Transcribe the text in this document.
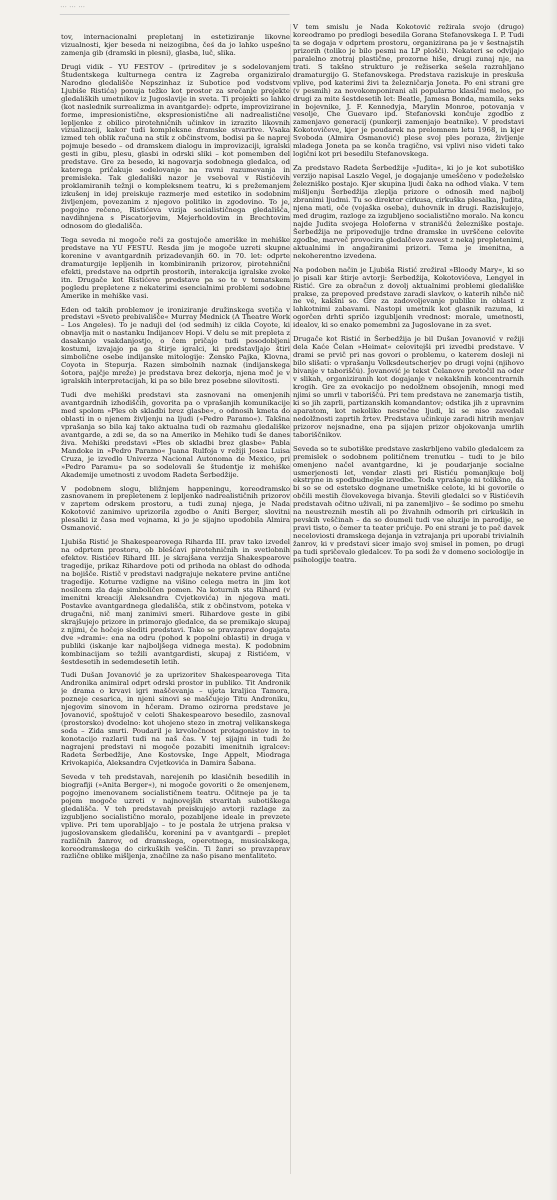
... ... ...

tov, internacionalni prepletanj in estetiziranje likovne vizualnosti, kjer beseda ni neizogibna, čeś da jo lahko uspešno zamenja gib (dramski in plesni), glasba, luč, slika.

Drugi vidik – YU FESTOV – (prireditev je s sodelovanjem Študentskega kulturnega centra iz Zagreba organiziralo Narodno gledališče Nepszinhaz iz Subotice pod vodstvom Ljubiše Ristića) ponuja težko kot prostor za srečanje projekte gledaliških umetnikov iz Jugoslavije in sveta. Ti projekti so lahko (kot naslednik surrealizma in avantgarde): odprte, improvizirane forme, impresionistične, ekspresionistične ali nadrealistične lepljenke z obilico pirotehničnih učinkov in izrazito likovnih vizualizacij, kakor tudi kompleksne dramske stvaritve. Vsaka izmed teh oblik računa na stik z občinstvom, bodisi pa še naprej pojmuje besedo – od dramskem dialogu in improvizaciji, igralski gesti in gibu, plesu, glasbi in odrski sliki – kot pomemben del predstave. Gre za besedo, ki nagovarja sodobnega gledalca, od katerega pričakuje sodelovanje na ravni razumevanja in premisleka. Tak gledališki nazor je vseboval v Ristićevih proklamiranih težnji o kompleksnem teatru, ki s prežemanjem izkušenj in idej preiskuje razmerje med estetiko in sodobnim življenjem, povezanim z njegovo politiko in zgodovino. To je, pogojno rečeno, Ristićeva vizija socialističnega gledališča, navdihnjena s Piscatorjevim, Mejerholdovim in Brechtovim odnosom do gledališča.

Tega seveda ni mogoče reči za gostujoče ameriške in mehiške predstave na YU FESTU. Resda jim je mogoče uzreti skupne korenine v avantgardnih prizadevanjih 60. in 70. let: odprte dramaturgije lepljenih in kombiniranih prizorov, pirotehnični efekti, predstave na odprtih prostorih, interakcija igralske zvoke itn. Drugače kot Ristićeve predstave pa so te v tematskem pogledu prepletene z nekaterimi esencialnimi problemi sodobne Amerike in mehiške vasi.

Eden od takih problemov je ironiziranje družinskega svetiča v predstavi »Sveto prebivališče« Murray Mednick (A Theatre Work – Los Angeles). To je naduji del (od sedmih) iz cikla Coyote, ki obnavlja mit o nastanku Indijancev Hopi. V delu se mit prepleta z dasakanjo vsakdanjostjo, o čem pričajo tudi posodobljeni kostumi, izvajajo pa ga štirje igralci, ki predstavljajo štiri simbolične osebe indijanske mitologije: Žensko Pajka, Klovna, Coyota in Stepurja. Razen simbolnih naznak (indijanskega šotora, pajčje mreže) je predstava brez dekorja, njena moč je v igralskih interpretacijah, ki pa so bile brez posebne silovitosti.

Tudi dve mehiški predstavi sta zasnovani na omenjenih avantgardnih izhodiščih, govorita pa o vprašanjih komunikacije med spolom »Ples ob skladbi brez glasbe«, o odnosih kmeta do oblasti in o njenem življenju na ljudi (»Pedro Paramo«). Takšna vprašanja so bila kaj tako aktualna tudi ob razmahu gledališke avantgarde, a zdi se, da so na Ameriko in Mehiko tudi še danes živa. Mehiški predstavi »Ples ob skladbi brez glasbe« Pabla Mandoke in »Pedro Paramo« Juana Rulfoja v režiji Josea Luisa Cruza, je izvedlo Univerza Nacional Autonoma de Mexico, pri »Pedro Paramu« pa so sodelovali še študentje iz mehiške Akademije umetnosti z uvodom Radeta Šerbedžije.

V podobnem slogu, bližnjem happeningu, koreodramsko zasnovanem in prepletenem z lepljenko nadrealističnih prizorov v zaprtem odrskem prostoru, a tudi zunaj njega, je Nada Kokotović zanimivo uprizorila zgodbo o Aniti Berger, slovitni plesalki iz časa med vojnama, ki jo je sijajno upodobila Almira Osmanović.

Ljubiša Ristić je Shakespearovega Riharda III. prav tako izvedel na odprtem prostoru, ob blešćavi pirotehničnih in svetlobnih efektov. Ristićev Rihard III. je skrajšana verzija Shakespearove tragedije, prikaz Rihardove poti od prihoda na oblast do odhoda na bojišče. Ristič v predstavi nadgrajuje nekatere prvine antične tragedije. Koturne vzdigne na višino celega metra in jim kot nosilcem zla daje simboličen pomen. Na koturnih sta Rihard (v imenitni kreaciji Aleksandra Cvjetkovića) in njegova mati. Postavke avantgardnega gledališča, stik z občinstvom, poteka v drugačni, nič manj zanimivi smeri. Rihardove geste in gibi skrajšujejo prizore in primorajo gledalce, da se premikajo skupaj z njimi, če hočejo slediti predstavi. Tako se pravzaprav dogajata dve »drami«: ena na odru (pohod k popolni oblasti) in druga v publiki (iskanje kar najboljšega vidnega mesta). K podobnim kombinacijam so težili avantgardisti, skupaj z Ristićem, v šestdesetih in sedemdesetih letih.

Tudi Dušan Jovanović je za uprizoritev Shakespearovega Tita Andronika animiral odprt odrski prostor in publiko. Tit Andronik je drama o krvavi igri maščevanja – ujeta kraljica Tamora, poznejе cesarica, in njeni sinovi se maščujejo Titu Androniku, njegovim sinovom in hčeram. Dramo ozirorna predstave je Jovanović, spoštujoč v celoti Shakespearovo besedilo, zasnoval (prostorsko) dvodelno: kot uhojeno stezo in znotraj velikanskega soda – Zida smrti. Poudaril je krvoločnost protagonistov in to konotacijo razlaril tudi na naš čas. V tej sijajni in tudi že nagrajeni predstavi ni mogoče pozabiti imenitnih igralcev: Radeta Šerbedžije, Ane Kostovske, Inge Appelt, Miodraga Krivokapića, Aleksandra Cvjetkovića in Damira Šabana.

Seveda v teh predstavah, narejenih po klasičnih besedilih in biografiji (»Anita Berger«), ni mogoče govoriti o že omenjenem, pogojno imenovanem socialističnem teatru. Očitneje pa je ta pojem mogoče uzreti v najnovejših stvaritah subotiškega gledališča. V teh predstavah preiskujejo avtorji razlage za izgubljeno socialistično moralo, pozabljene ideale in prevzete vplive. Pri tem uporabljajo – to je postala že utrjena praksa v jugoslovanskem gledališču, koreniní pa v avantgardi – preplet različnih žanrov, od dramskega, operetnega, musicalskega, koreodramskega do cirkuških veščin. Ti žanri so pravzaprav različne oblike mišljenja, značilne za našo pisano mentaliteto.

V tem smislu je Nada Kokotović režirala svojo (drugo) koreodramo po predlogi besedila Gorana Stefanovskega I. P. Tudi ta se dogaja v odprtem prostoru, organizirana pa je v šestnajstih prizorih (toliko je bilo pesmi na LP plošči). Nekateri se odvijajo paralelno znotraj plastične, prozorne hiše, drugi zunaj nje, na trati. S takšno strukturo je režiserka sešela razrahljano dramaturgijo G. Stefanovskega. Predstava raziskuje in preskuša vplive, pod katerimi živi ta železničarja Joneta. Po eni strani gre (v pesmih) za novokomponirani ali popularno klasični melos, po drugi za mite šestdesetih let: Beatle, Jamesa Bonda, mamila, seks in bojevnike, J. F. Kennedyja, Marylin Monroe, potovanja v vesolje, Che Guevaro ipd. Stefanovski končuje zgodbo z zamenjavo generacij (punkerji zamenjajo beatnike). V predstavi Kokotovičeve, kjer je poudarek na prelomnem letu 1968, in kjer Svoboda (Almira Osmanović) plese svoj ples poraza, življenje mladega Joneta pa se konča tragično, vsi vplivi niso videti tako logični kot pri besedilu Stefanovskega.

Za predstavo Radeta Šerbedžije »Judita«, ki jo je kot subotiško verzijo napisal Laszlo Vegel, je dogajanje umeščeno v podeželsko železniško postajo. Kjer skupina ljudi čaka na odhod vlaka. V tem mišljenju Šerbedžija zleplja prizore o odnosih med najbolj zbranimi ljudmi. Tu so direktor cirkusa, cirkuška plesalka, Judita, njena mati, oče (vojaška oseba), duhovnik in drugi. Raziskujejo, med drugim, razloge za izgubljeno socialistično moralo. Na koncu najde Judita svojega Holoferna v straniščú železniške postaje. Šerbedžija ne pripovedujje trdne dramske in uvrščene celovite zgodbe, marveč provocira gledalčevo zavest z nekaj prepletenimi, aktualnimi in angažiranimi prizori. Tema je imenitna, a nekoherentno izvedena.

Na podoben način je Ljubiša Ristić zrežiral »Bloody Mary«, ki so jo pisali kar štirje avtorji: Šerbedžija, Kokotovićeva, Lengyel in Ristić. Gre za obračun z dovolj aktualnimi problemi gledališke prakse, za prepoved predstave zaradi slavkov, o katerih nihče nič ne vé, kakšni so. Gre za zadovoljevanje publike in oblasti z lahkotnimi zabavami. Nastopi umetnik kot glasnik razuma, ki ogorčen drhti spričo izgubljenih vrednost: morale, umetnosti, idealov, ki so enako pomembni za Jugoslovane in za svet.

Drugače kot Ristić in Šerbedžija je bil Dušan Jovanović v režiji dela Kaće Čelan »Heimat« celovitejši pri izvedbi predstave. V drami se prvič pri nas govori o problemu, o katerem dosleji ni bilo slišati: o vprašanju Volksdeutscherjev po drugi vojni (njihovo bivanje v taboriščú). Jovanović je tekst Čelanove pretočil na oder v slikah, organiziranih kot dogajanje v nekakšnih koncentrarnih krogih. Gre za evokacijo po nedolžnem obsojenih, mnogi med njimi so umrli v taboriščú. Pri tem predstava ne zanemarja tistih, ki so jih zaprli, partizanskih komandantov; odstika jih z upravnim aparatom, kot nekoliko nesrečne ljudi, ki se niso zavedali nedolžnosti zaprtih žrtev. Predstava učinkuje zaradi hitrih menjav prizorov nejsnadne, ena pa sijajen prizor objokovanja umrlih taboriščnikov.

Seveda so te subotiške predstave zaskrbljeno vabilo gledalcem za premislek o sodobnem političnem trenutku – tudi to je bilo omenjeno načel avantgardne, ki je poudarjanje socialne usmerjenosti let, vendar zlasti pri Ristiću pomanjkuje bolj ekstrpne in spodbudnejše izvedbe. Toda vprašanje ni tolikšno, da bi so se od estetsko dognane umetniške celote, ki bi govorile o občili mestih človekovega bivanja. Števili gledalci so v Ristićevih predstavah očitno uživali, ni pa zanemljivo – še sodimo po smehu na neustreznih mestih ali po živahnih odmorih pri cirkuških in pevskih veščinah – da so doumeli tudi vse aluzije in parodije, se pravi tisto, o čemer ta teater pričuje. Po eni strani je to pač davek neceloviosti dramskega dejanja in vztrajanja pri uporabi trivialnih žanrov, ki v predstavi sicer imajo svoj smisel in pomen, po drugi pa tudi spričevalo gledalcev. To pa sodi že v domeno sociologije in psihologije teatra.
